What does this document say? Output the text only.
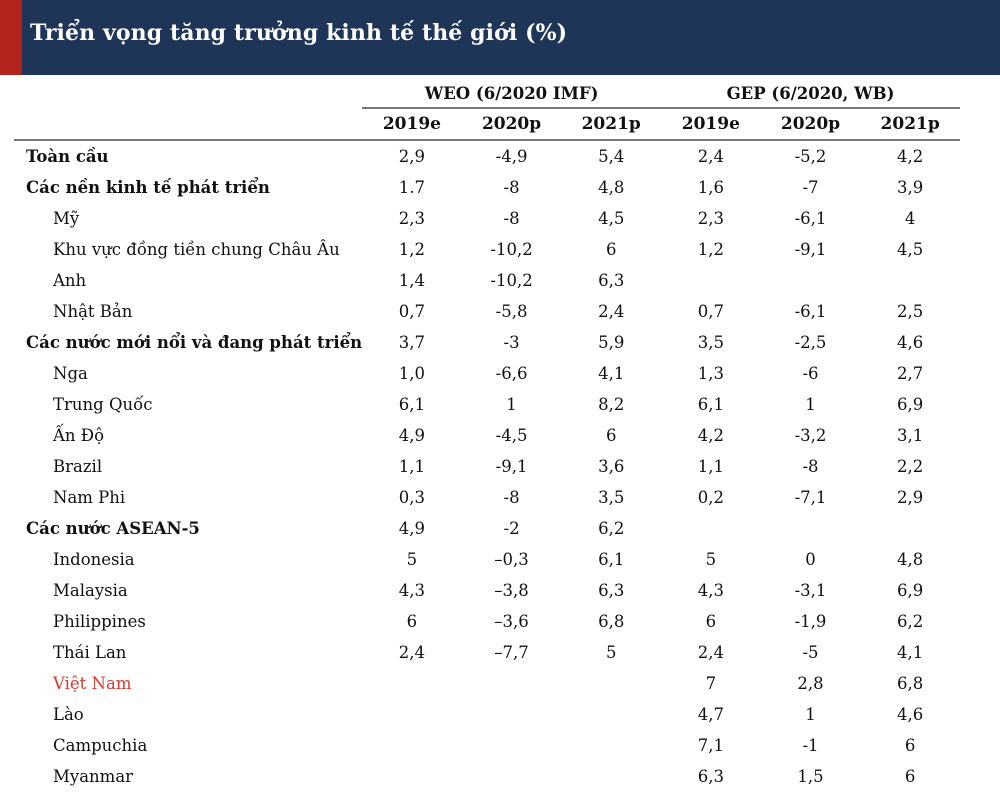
Triển vọng tăng trưởng kinh tế thế giới (%)
	WEO (6/2020 IMF)			GEP (6/2020, WB)		
	2019e	2020p	2021p	2019e	2020p	2021p
Toàn cầu	2,9	-4,9	5,4	2,4	-5,2	4,2
Các nền kinh tế phát triển	1.7	-8	4,8	1,6	-7	3,9
Mỹ	2,3	-8	4,5	2,3	-6,1	4
Khu vực đồng tiền chung Châu Âu	1,2	-10,2	6	1,2	-9,1	4,5
Anh	1,4	-10,2	6,3			
Nhật Bản	0,7	-5,8	2,4	0,7	-6,1	2,5
Các nước mới nổi và đang phát triển	3,7	-3	5,9	3,5	-2,5	4,6
Nga	1,0	-6,6	4,1	1,3	-6	2,7
Trung Quốc	6,1	1	8,2	6,1	1	6,9
Ấn Độ	4,9	-4,5	6	4,2	-3,2	3,1
Brazil	1,1	-9,1	3,6	1,1	-8	2,2
Nam Phi	0,3	-8	3,5	0,2	-7,1	2,9
Các nước ASEAN-5	4,9	-2	6,2			
Indonesia	5	–0,3	6,1	5	0	4,8
Malaysia	4,3	–3,8	6,3	4,3	-3,1	6,9
Philippines	6	–3,6	6,8	6	-1,9	6,2
Thái Lan	2,4	–7,7	5	2,4	-5	4,1
Việt Nam				7	2,8	6,8
Lào				4,7	1	4,6
Campuchia				7,1	-1	6
Myanmar				6,3	1,5	6
